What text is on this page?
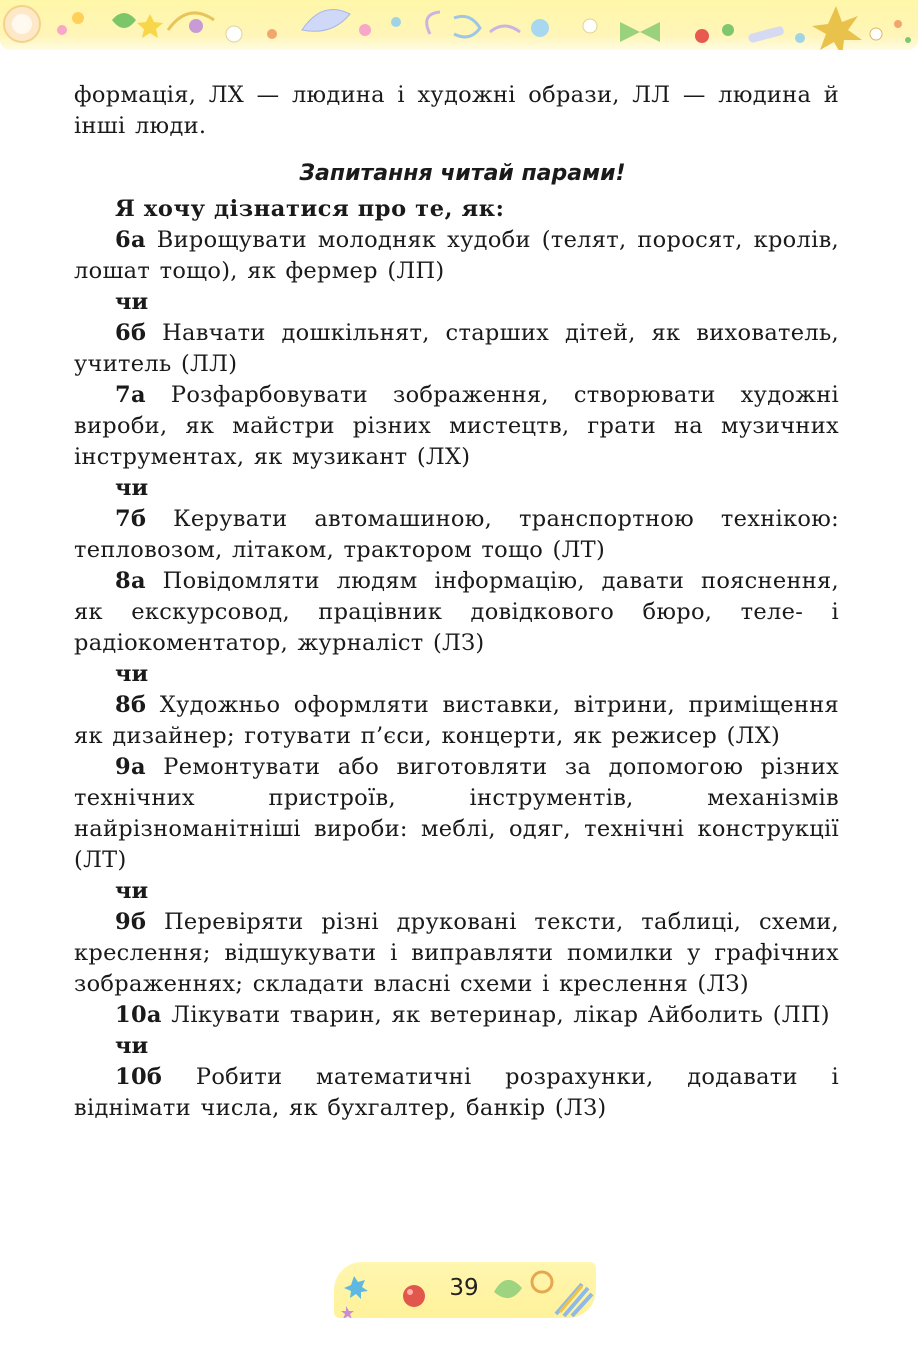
формація, ЛХ — людина і художні образи, ЛЛ — людина й інші люди.

Запитання читай парами!

Я хочу дізнатися про те, як:

6а Вирощувати молодняк худоби (телят, поросят, кролів, лошат тощо), як фермер (ЛП)

чи

6б Навчати дошкільнят, старших дітей, як вихователь, учитель (ЛЛ)

7а Розфарбовувати зображення, створювати художні вироби, як майстри різних мистецтв, грати на музичних інструментах, як музикант (ЛХ)

чи

7б Керувати автомашиною, транспортною технікою: тепловозом, літаком, трактором тощо (ЛТ)

8а Повідомляти людям інформацію, давати пояснення, як екскурсовод, працівник довідкового бюро, теле- і радіокоментатор, журналіст (ЛЗ)

чи

8б Художньо оформляти виставки, вітрини, приміщення як дизайнер; готувати п’єси, концерти, як режисер (ЛХ)

9а Ремонтувати або виготовляти за допомогою різних технічних пристроїв, інструментів, механізмів найрізноманітніші вироби: меблі, одяг, технічні конструкції (ЛТ)

чи

9б Перевіряти різні друковані тексти, таблиці, схеми, креслення; відшукувати і виправляти помилки у графічних зображеннях; складати власні схеми і креслення (ЛЗ)

10а Лікувати тварин, як ветеринар, лікар Айболить (ЛП)

чи

10б Робити математичні розрахунки, додавати і віднімати числа, як бухгалтер, банкір (ЛЗ)

39
